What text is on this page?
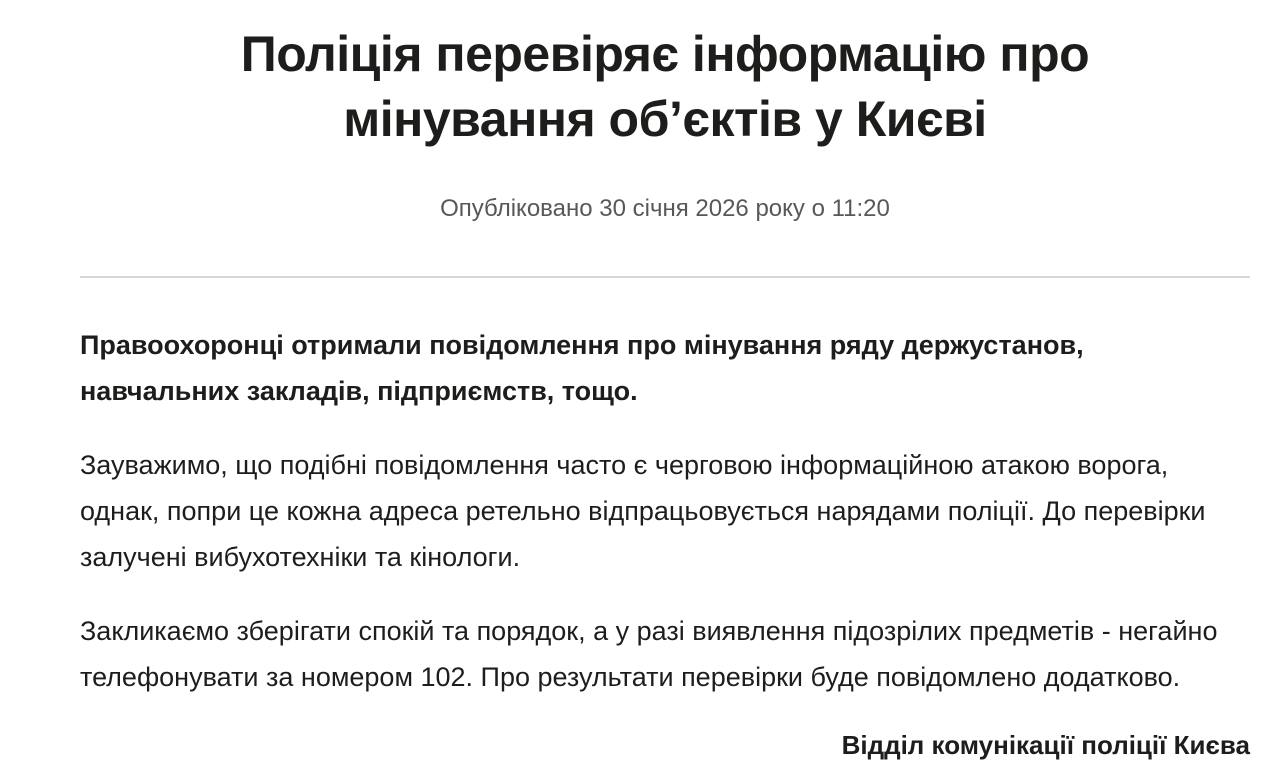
Поліція перевіряє інформацію про мінування об’єктів у Києві

Опубліковано 30 січня 2026 року о 11:20

Правоохоронці отримали повідомлення про мінування ряду держустанов, навчальних закладів, підприємств, тощо.

Зауважимо, що подібні повідомлення часто є черговою інформаційною атакою ворога, однак, попри це кожна адреса ретельно відпрацьовується нарядами поліції. До перевірки залучені вибухотехніки та кінологи.

Закликаємо зберігати спокій та порядок, а у разі виявлення підозрілих предметів - негайно телефонувати за номером 102. Про результати перевірки буде повідомлено додатково.

Відділ комунікації поліції Києва
